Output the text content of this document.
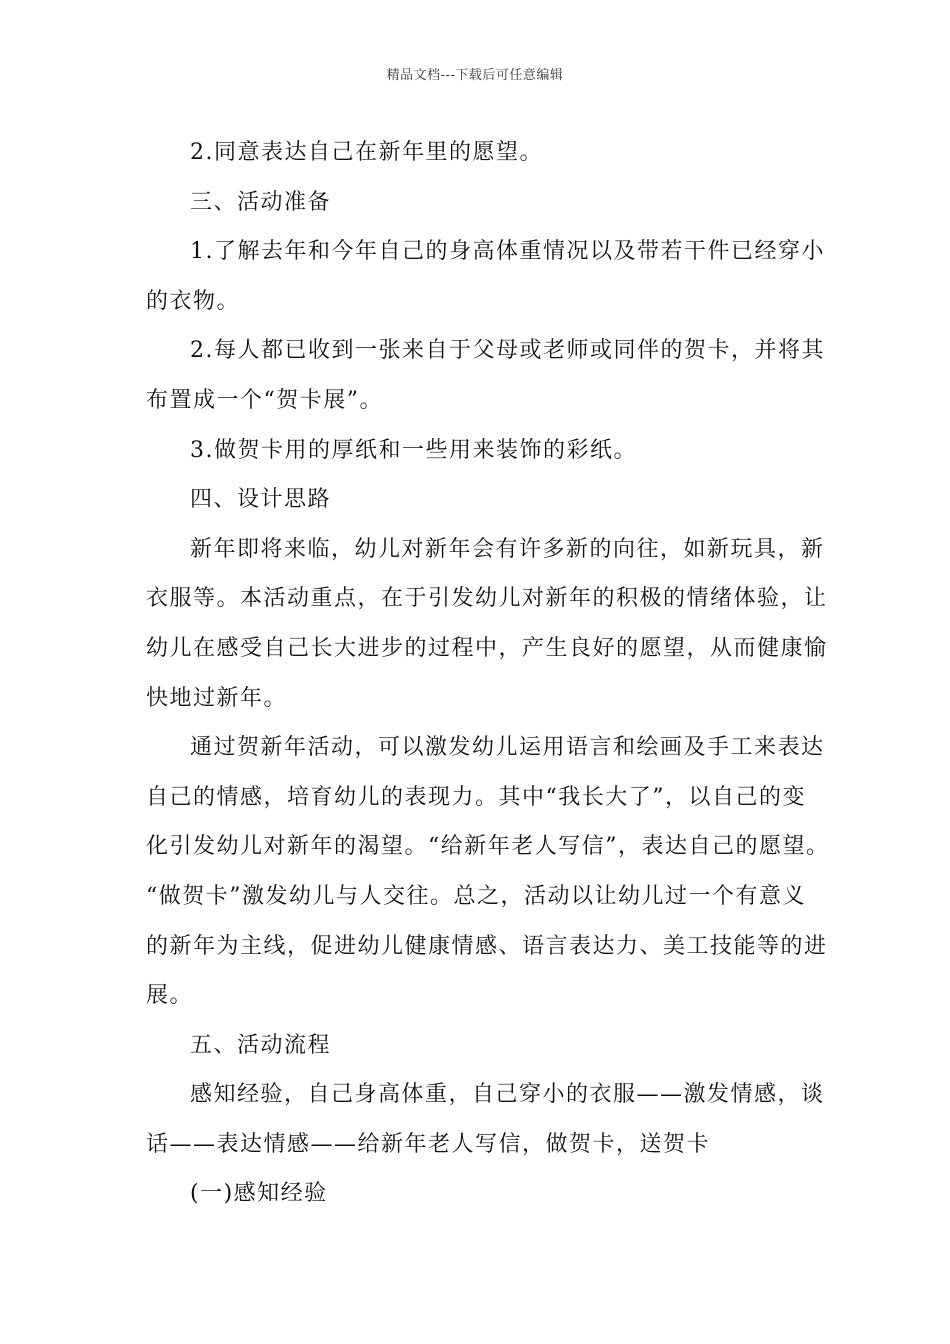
精品文档---下载后可任意编辑
2.同意表达自己在新年里的愿望。
三、活动准备
1.了解去年和今年自己的身高体重情况以及带若干件已经穿小
的衣物。
2.每人都已收到一张来自于父母或老师或同伴的贺卡，并将其
布置成一个“贺卡展”。
3.做贺卡用的厚纸和一些用来装饰的彩纸。
四、设计思路
新年即将来临，幼儿对新年会有许多新的向往，如新玩具，新
衣服等。本活动重点，在于引发幼儿对新年的积极的情绪体验，让
幼儿在感受自己长大进步的过程中，产生良好的愿望，从而健康愉
快地过新年。
通过贺新年活动，可以激发幼儿运用语言和绘画及手工来表达
自己的情感，培育幼儿的表现力。其中“我长大了”，以自己的变
化引发幼儿对新年的渴望。“给新年老人写信”，表达自己的愿望。
“做贺卡”激发幼儿与人交往。总之，活动以让幼儿过一个有意义
的新年为主线，促进幼儿健康情感、语言表达力、美工技能等的进
展。
五、活动流程
感知经验，自己身高体重，自己穿小的衣服——激发情感，谈
话——表达情感——给新年老人写信，做贺卡，送贺卡
(一)感知经验
